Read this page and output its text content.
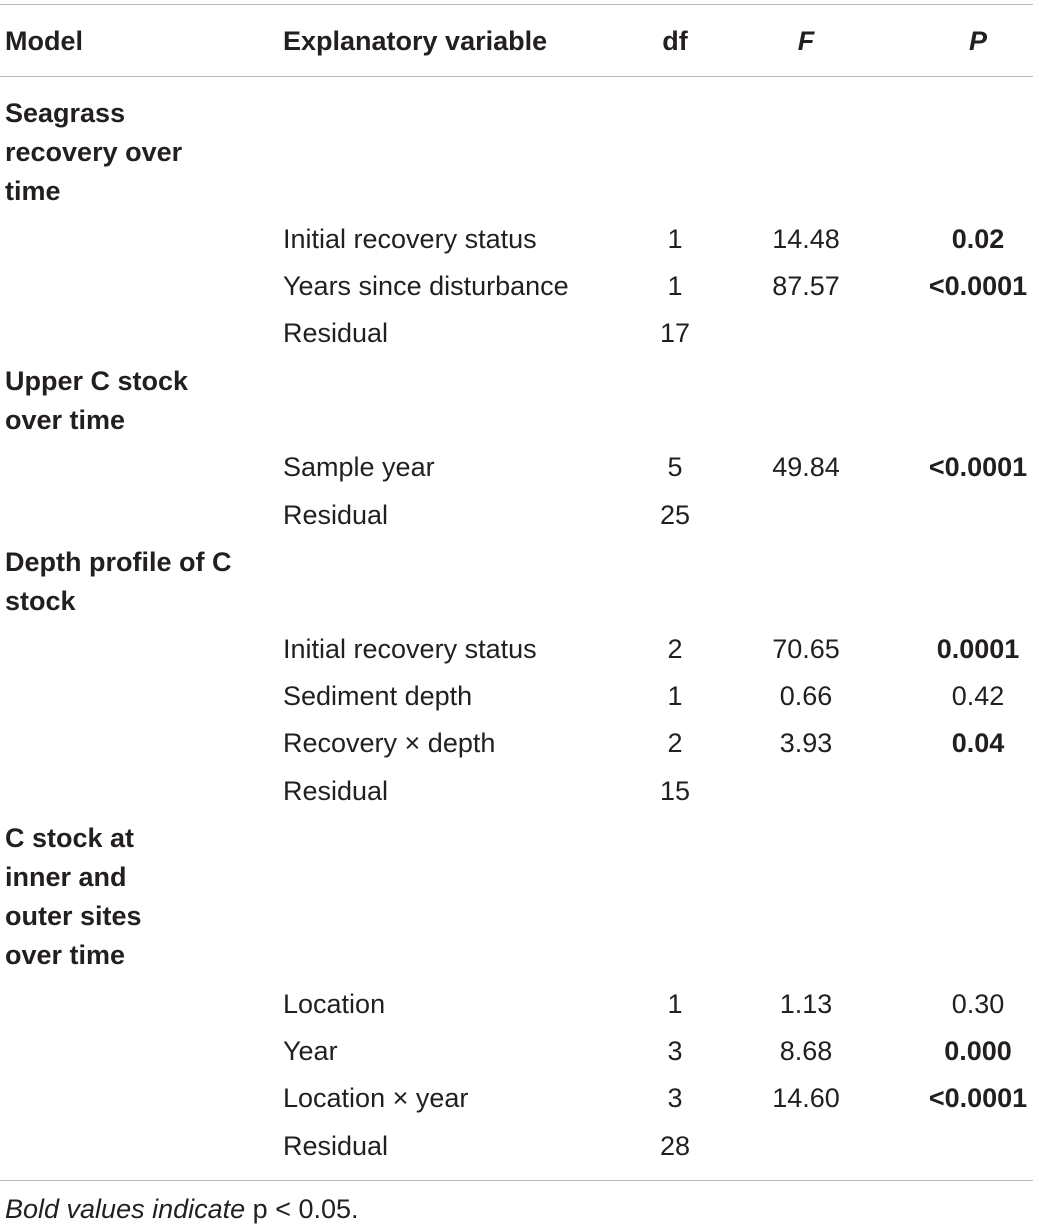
Model	Explanatory variable	df	F	P
Seagrass recovery over time
Initial recovery status	1	14.48	0.02
Years since disturbance	1	87.57	<0.0001
Residual	17
Upper C stock over time
Sample year	5	49.84	<0.0001
Residual	25
Depth profile of C stock
Initial recovery status	2	70.65	0.0001
Sediment depth	1	0.66	0.42
Recovery × depth	2	3.93	0.04
Residual	15
C stock at inner and outer sites over time
Location	1	1.13	0.30
Year	3	8.68	0.000
Location × year	3	14.60	<0.0001
Residual	28
Bold values indicate p < 0.05.
